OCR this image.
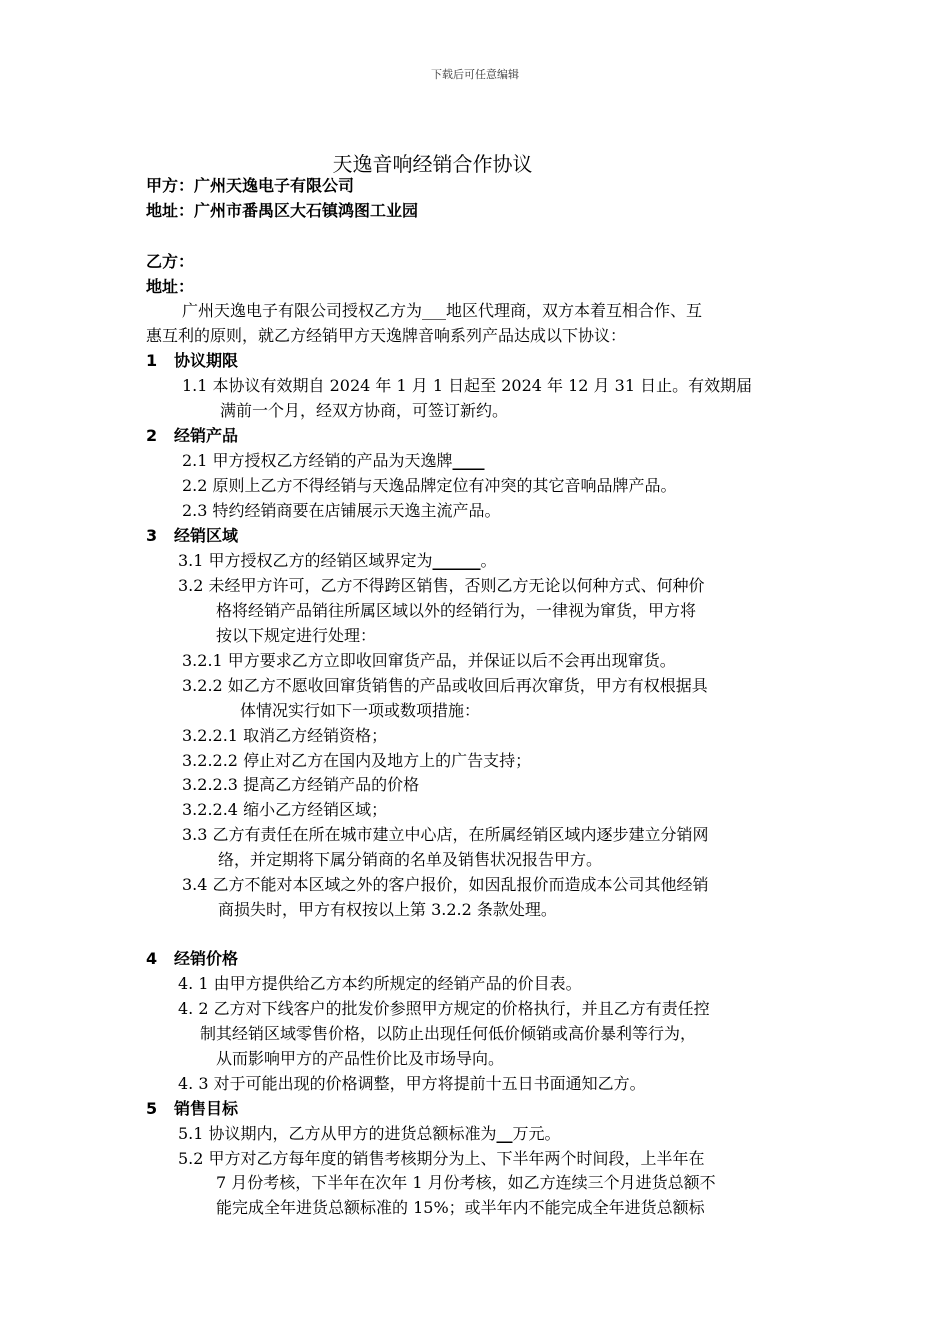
下载后可任意编辑
天逸音响经销合作协议
甲方：广州天逸电子有限公司
地址：广州市番禺区大石镇鸿图工业园
乙方：
地址：
广州天逸电子有限公司授权乙方为___地区代理商，双方本着互相合作、互
惠互利的原则，就乙方经销甲方天逸牌音响系列产品达成以下协议：
1 协议期限
1.1 本协议有效期自 2024 年 1 月 1 日起至 2024 年 12 月 31 日止。有效期届
满前一个月，经双方协商，可签订新约。
2 经销产品
2.1 甲方授权乙方经销的产品为天逸牌____
2.2 原则上乙方不得经销与天逸品牌定位有冲突的其它音响品牌产品。
2.3 特约经销商要在店铺展示天逸主流产品。
3 经销区域
3.1 甲方授权乙方的经销区域界定为______。
3.2 未经甲方许可，乙方不得跨区销售，否则乙方无论以何种方式、何种价
格将经销产品销往所属区域以外的经销行为，一律视为窜货，甲方将
按以下规定进行处理：
3.2.1 甲方要求乙方立即收回窜货产品，并保证以后不会再出现窜货。
3.2.2 如乙方不愿收回窜货销售的产品或收回后再次窜货，甲方有权根据具
体情况实行如下一项或数项措施：
3.2.2.1 取消乙方经销资格；
3.2.2.2 停止对乙方在国内及地方上的广告支持；
3.2.2.3 提高乙方经销产品的价格
3.2.2.4 缩小乙方经销区域；
3.3 乙方有责任在所在城市建立中心店，在所属经销区域内逐步建立分销网
络，并定期将下属分销商的名单及销售状况报告甲方。
3.4 乙方不能对本区域之外的客户报价，如因乱报价而造成本公司其他经销
商损失时，甲方有权按以上第 3.2.2 条款处理。
4 经销价格
4. 1 由甲方提供给乙方本约所规定的经销产品的价目表。
4. 2 乙方对下线客户的批发价参照甲方规定的价格执行，并且乙方有责任控
制其经销区域零售价格，以防止出现任何低价倾销或高价暴利等行为，
从而影响甲方的产品性价比及市场导向。
4. 3 对于可能出现的价格调整，甲方将提前十五日书面通知乙方。
5 销售目标
5.1 协议期内，乙方从甲方的进货总额标准为__万元。
5.2 甲方对乙方每年度的销售考核期分为上、下半年两个时间段，上半年在
7 月份考核，下半年在次年 1 月份考核，如乙方连续三个月进货总额不
能完成全年进货总额标准的 15%；或半年内不能完成全年进货总额标
